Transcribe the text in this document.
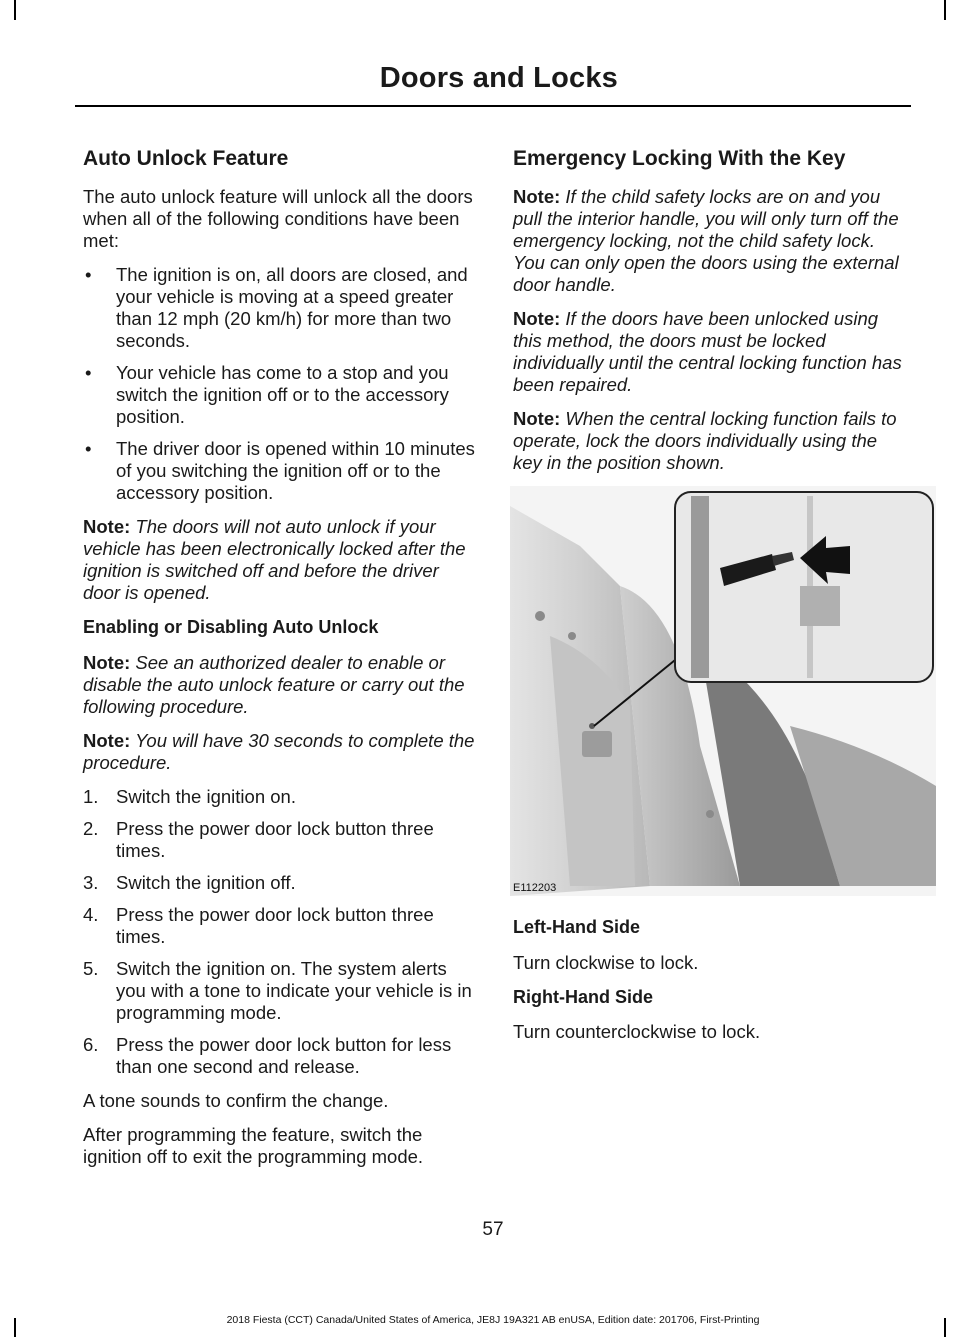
Doors and Locks
Auto Unlock Feature

The auto unlock feature will unlock all the doors when all of the following conditions have been met:

• The ignition is on, all doors are closed, and your vehicle is moving at a speed greater than 12 mph (20 km/h) for more than two seconds.
• Your vehicle has come to a stop and you switch the ignition off or to the accessory position.
• The driver door is opened within 10 minutes of you switching the ignition off or to the accessory position.

Note: The doors will not auto unlock if your vehicle has been electronically locked after the ignition is switched off and before the driver door is opened.

Enabling or Disabling Auto Unlock

Note: See an authorized dealer to enable or disable the auto unlock feature or carry out the following procedure.

Note: You will have 30 seconds to complete the procedure.

1. Switch the ignition on.
2. Press the power door lock button three times.
3. Switch the ignition off.
4. Press the power door lock button three times.
5. Switch the ignition on. The system alerts you with a tone to indicate your vehicle is in programming mode.
6. Press the power door lock button for less than one second and release.

A tone sounds to confirm the change.

After programming the feature, switch the ignition off to exit the programming mode.

Emergency Locking With the Key

Note: If the child safety locks are on and you pull the interior handle, you will only turn off the emergency locking, not the child safety lock. You can only open the doors using the external door handle.

Note: If the doors have been unlocked using this method, the doors must be locked individually until the central locking function has been repaired.

Note: When the central locking function fails to operate, lock the doors individually using the key in the position shown.

E112203
Left-Hand Side

Turn clockwise to lock.

Right-Hand Side

Turn counterclockwise to lock.

57
2018 Fiesta (CCT) Canada/United States of America, JE8J 19A321 AB enUSA, Edition date: 201706, First-Printing
